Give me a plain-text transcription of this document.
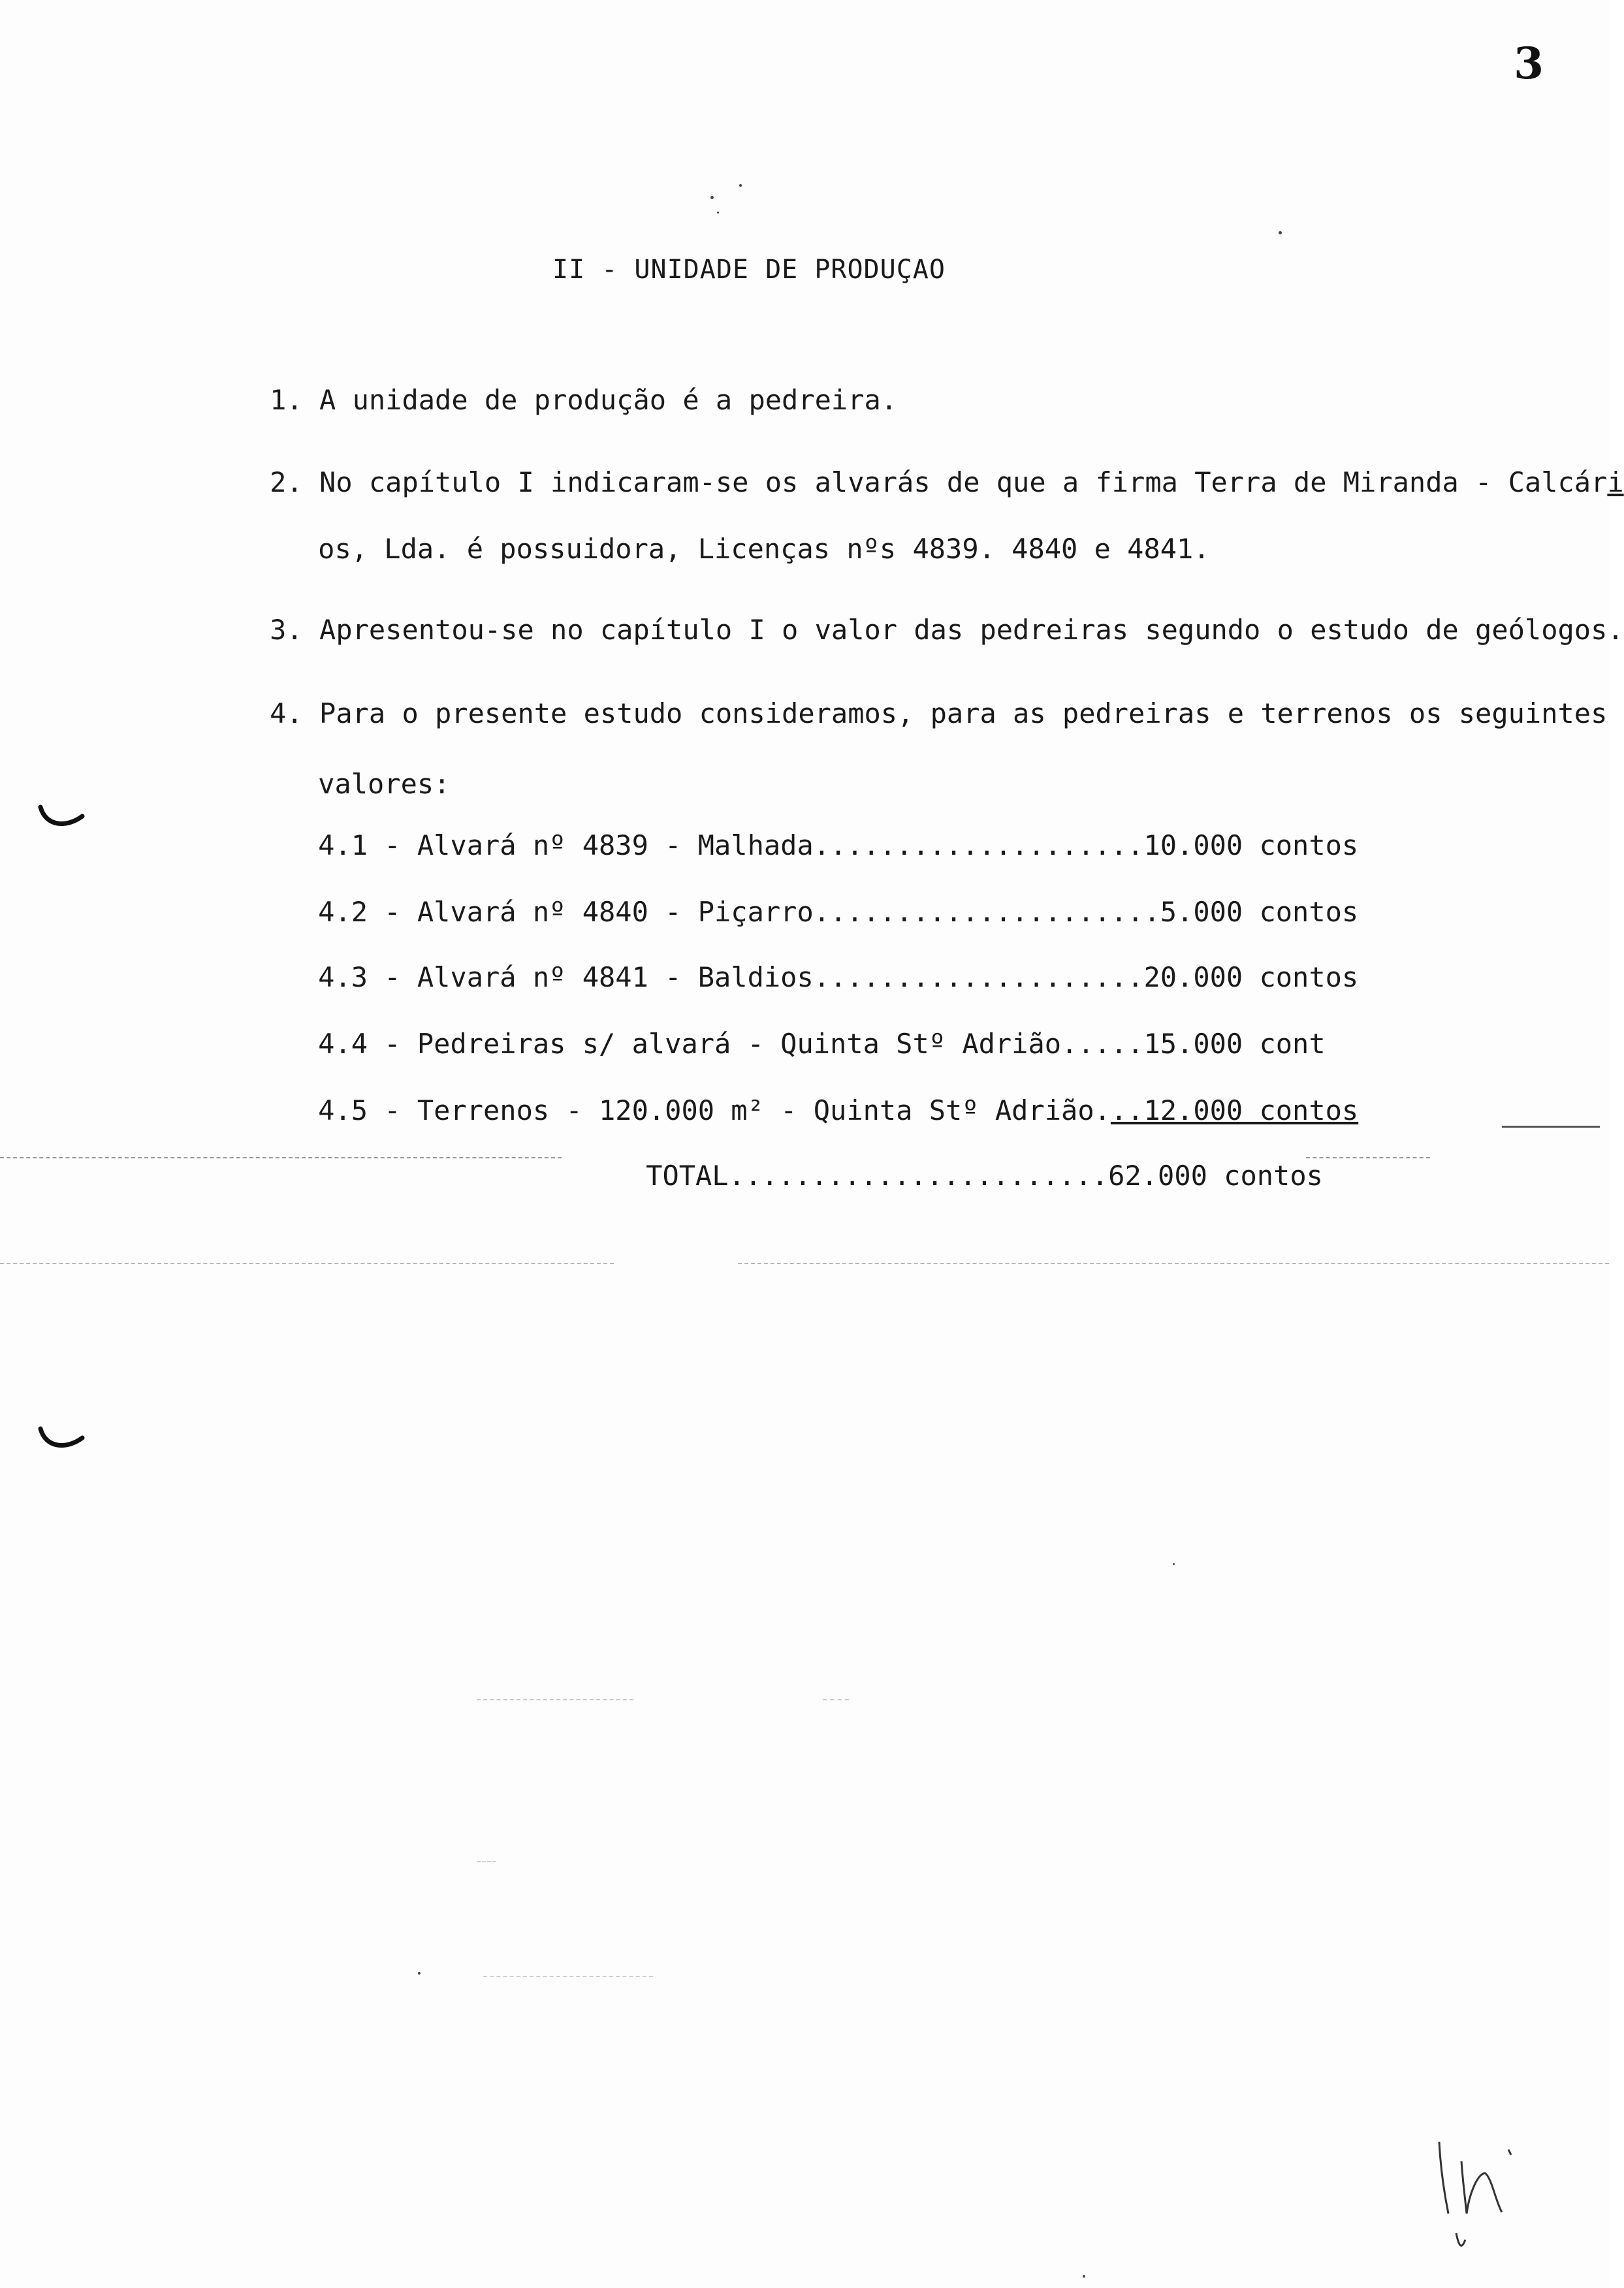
3
II - UNIDADE DE PRODUÇAO

1. A unidade de produção é a pedreira.

2. No capítulo I indicaram-se os alvarás de que a firma Terra de Miranda - Calcári

os, Lda. é possuidora, Licenças nºs 4839. 4840 e 4841.

3. Apresentou-se no capítulo I o valor das pedreiras segundo o estudo de geólogos.

4. Para o presente estudo consideramos, para as pedreiras e terrenos os seguintes

valores:

4.1 - Alvará nº 4839 - Malhada....................10.000 contos

4.2 - Alvará nº 4840 - Piçarro.....................5.000 contos

4.3 - Alvará nº 4841 - Baldios....................20.000 contos

4.4 - Pedreiras s/ alvará - Quinta Stº Adrião.....15.000 cont

4.5 - Terrenos - 120.000 m² - Quinta Stº Adrião...12.000 contos

TOTAL.......................62.000 contos
